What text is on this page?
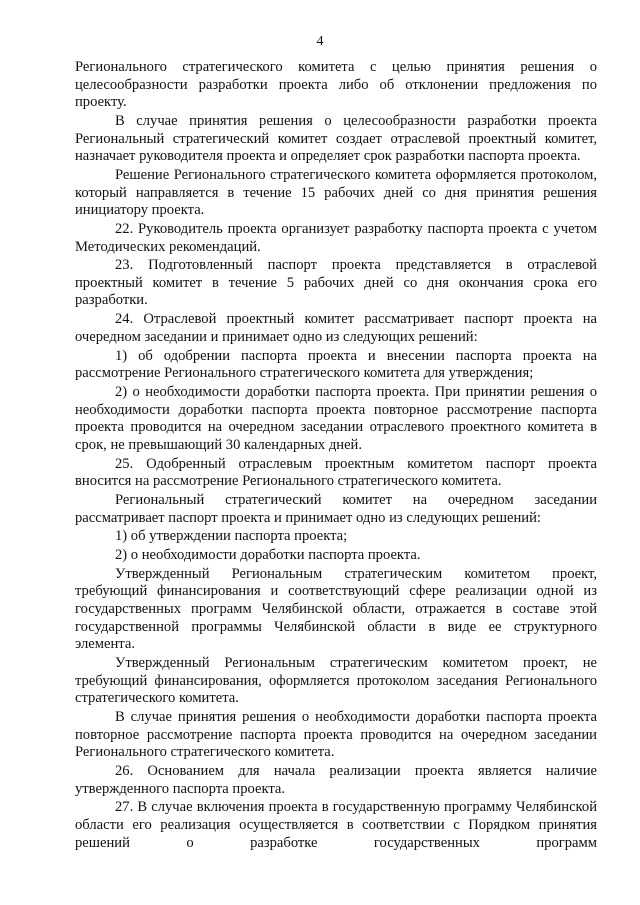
4

Регионального стратегического комитета с целью принятия решения о целесообразности разработки проекта либо об отклонении предложения по проекту.

В случае принятия решения о целесообразности разработки проекта Региональный стратегический комитет создает отраслевой проектный комитет, назначает руководителя проекта и определяет срок разработки паспорта проекта.

Решение Регионального стратегического комитета оформляется протоколом, который направляется в течение 15 рабочих дней со дня принятия решения инициатору проекта.

22. Руководитель проекта организует разработку паспорта проекта с учетом Методических рекомендаций.

23. Подготовленный паспорт проекта представляется в отраслевой проектный комитет в течение 5 рабочих дней со дня окончания срока его разработки.

24. Отраслевой проектный комитет рассматривает паспорт проекта на очередном заседании и принимает одно из следующих решений:

1) об одобрении паспорта проекта и внесении паспорта проекта на рассмотрение Регионального стратегического комитета для утверждения;

2) о необходимости доработки паспорта проекта. При принятии решения о необходимости доработки паспорта проекта повторное рассмотрение паспорта проекта проводится на очередном заседании отраслевого проектного комитета в срок, не превышающий 30 календарных дней.

25. Одобренный отраслевым проектным комитетом паспорт проекта вносится на рассмотрение Регионального стратегического комитета.

Региональный стратегический комитет на очередном заседании рассматривает паспорт проекта и принимает одно из следующих решений:

1) об утверждении паспорта проекта;

2) о необходимости доработки паспорта проекта.

Утвержденный Региональным стратегическим комитетом проект, требующий финансирования и соответствующий сфере реализации одной из государственных программ Челябинской области, отражается в составе этой государственной программы Челябинской области в виде ее структурного элемента.

Утвержденный Региональным стратегическим комитетом проект, не требующий финансирования, оформляется протоколом заседания Регионального стратегического комитета.

В случае принятия решения о необходимости доработки паспорта проекта повторное рассмотрение паспорта проекта проводится на очередном заседании Регионального стратегического комитета.

26. Основанием для начала реализации проекта является наличие утвержденного паспорта проекта.

27. В случае включения проекта в государственную программу Челябинской области его реализация осуществляется в соответствии с Порядком принятия решений о разработке государственных программ
